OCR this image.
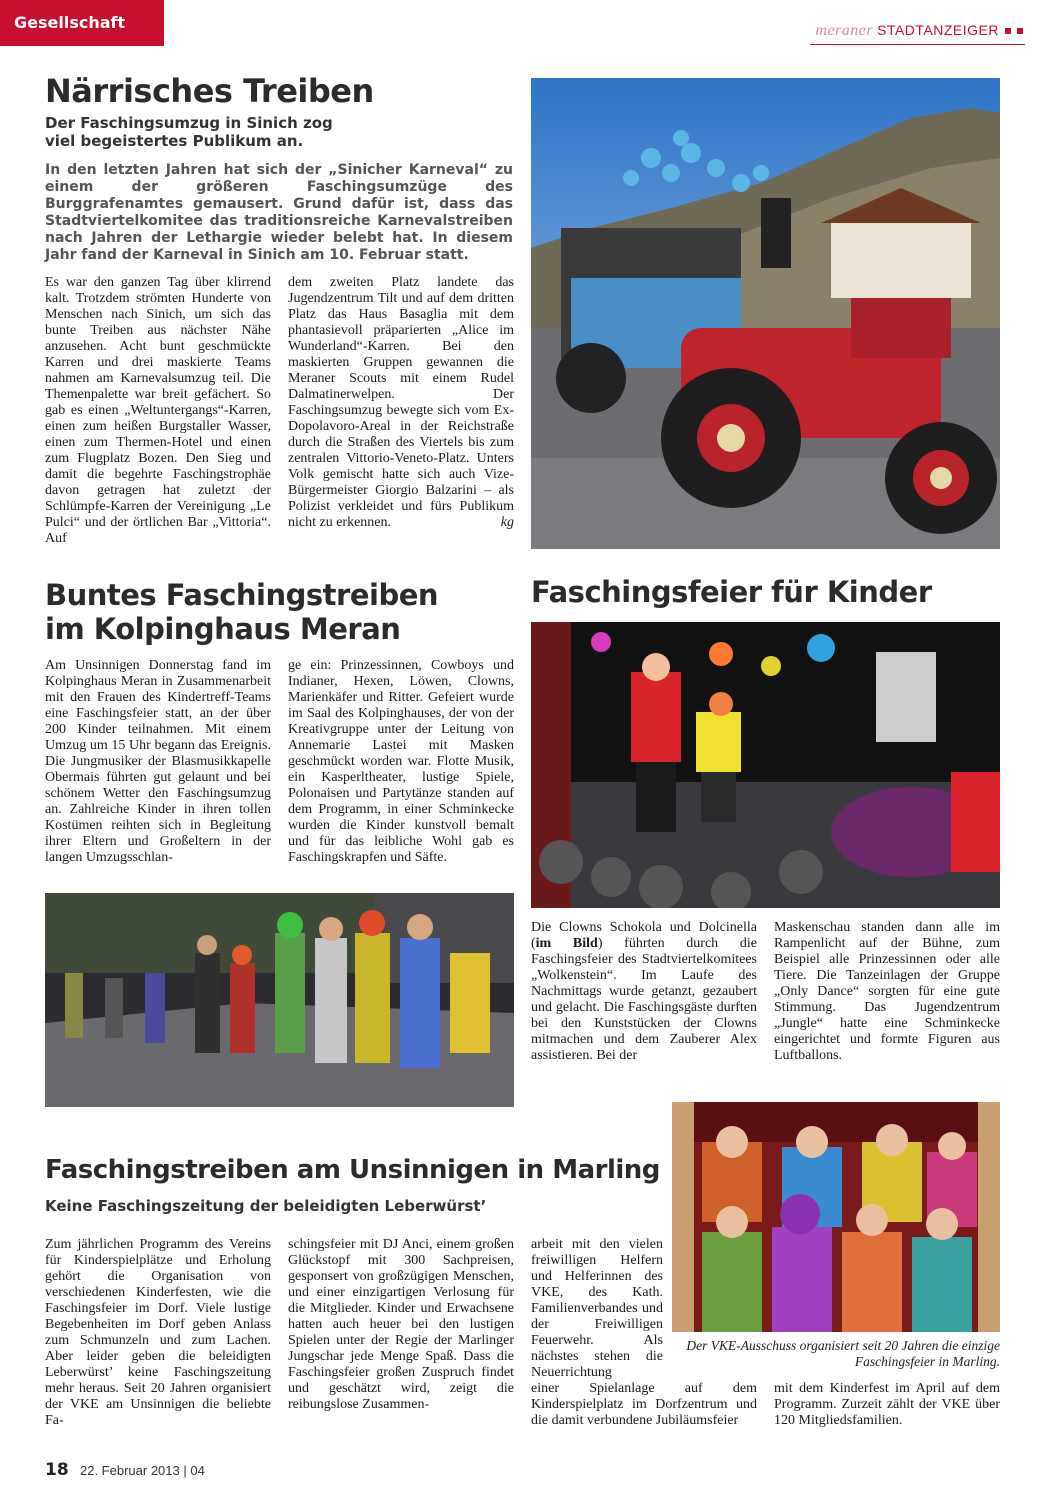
Gesellschaft	meraner STADTANZEIGER
Närrisches Treiben
Der Faschingsumzug in Sinich zog viel begeistertes Publikum an.
In den letzten Jahren hat sich der „Sinicher Karneval“ zu einem der größeren Faschingsumzüge des Burggrafenamtes gemausert. Grund dafür ist, dass das Stadtviertelkomitee das traditionsreiche Karnevalstreiben nach Jahren der Lethargie wieder belebt hat. In diesem Jahr fand der Karneval in Sinich am 10. Februar statt.
Es war den ganzen Tag über klirrend kalt. Trotzdem strömten Hunderte von Menschen nach Sinich, um sich das bunte Treiben aus nächster Nähe anzusehen. Acht bunt geschmückte Karren und drei maskierte Teams nahmen am Karnevalsumzug teil. Die Themenpalette war breit gefächert. So gab es einen „Weltuntergangs“-Karren, einen zum heißen Burgstaller Wasser, einen zum Thermen-Hotel und einen zum Flugplatz Bozen. Den Sieg und damit die begehrte Faschingstrophäe davon getragen hat zuletzt der Schlümpfe-Karren der Vereinigung „Le Pulci“ und der örtlichen Bar „Vittoria“. Auf
dem zweiten Platz landete das Jugendzentrum Tilt und auf dem dritten Platz das Haus Basaglia mit dem phantasievoll präparierten „Alice im Wunderland“-Karren. Bei den maskierten Gruppen gewannen die Meraner Scouts mit einem Rudel Dalmatinerwelpen. Der Faschingsumzug bewegte sich vom Ex-Dopolavoro-Areal in der Reichstraße durch die Straßen des Viertels bis zum zentralen Vittorio-Veneto-Platz. Unters Volk gemischt hatte sich auch Vize-Bürgermeister Giorgio Balzarini – als Polizist verkleidet und fürs Publikum nicht zu erkennen.	kg
Buntes Faschingstreiben
im Kolpinghaus Meran
Am Unsinnigen Donnerstag fand im Kolpinghaus Meran in Zusammenarbeit mit den Frauen des Kindertreff-Teams eine Faschingsfeier statt, an der über 200 Kinder teilnahmen. Mit einem Umzug um 15 Uhr begann das Ereignis. Die Jungmusiker der Blasmusikkapelle Obermais führten gut gelaunt und bei schönem Wetter den Faschingsumzug an. Zahlreiche Kinder in ihren tollen Kostümen reihten sich in Begleitung ihrer Eltern und Großeltern in der langen Umzugsschlan-
ge ein: Prinzessinnen, Cowboys und Indianer, Hexen, Löwen, Clowns, Marienkäfer und Ritter. Gefeiert wurde im Saal des Kolpinghauses, der von der Kreativgruppe unter der Leitung von Annemarie Lastei mit Masken geschmückt worden war. Flotte Musik, ein Kasperltheater, lustige Spiele, Polonaisen und Partytänze standen auf dem Programm, in einer Schminkecke wurden die Kinder kunstvoll bemalt und für das leibliche Wohl gab es Faschingskrapfen und Säfte.
Faschingsfeier für Kinder
Die Clowns Schokola und Dolcinella (im Bild) führten durch die Faschingsfeier des Stadtviertelkomitees „Wolkenstein“. Im Laufe des Nachmittags wurde getanzt, gezaubert und gelacht. Die Faschingsgäste durften bei den Kunststücken der Clowns mitmachen und dem Zauberer Alex assistieren. Bei der
Maskenschau standen dann alle im Rampenlicht auf der Bühne, zum Beispiel alle Prinzessinnen oder alle Tiere. Die Tanzeinlagen der Gruppe „Only Dance“ sorgten für eine gute Stimmung. Das Jugendzentrum „Jungle“ hatte eine Schminkecke eingerichtet und formte Figuren aus Luftballons.
Faschingstreiben am Unsinnigen in Marling
Keine Faschingszeitung der beleidigten Leberwürst’
Zum jährlichen Programm des Vereins für Kinderspielplätze und Erholung gehört die Organisation von verschiedenen Kinderfesten, wie die Faschingsfeier im Dorf. Viele lustige Begebenheiten im Dorf geben Anlass zum Schmunzeln und zum Lachen. Aber leider geben die beleidigten Leberwürst’ keine Faschingszeitung mehr heraus. Seit 20 Jahren organisiert der VKE am Unsinnigen die beliebte Fa-
schingsfeier mit DJ Anci, einem großen Glückstopf mit 300 Sachpreisen, gesponsert von großzügigen Menschen, und einer einzigartigen Verlosung für die Mitglieder. Kinder und Erwachsene hatten auch heuer bei den lustigen Spielen unter der Regie der Marlinger Jungschar jede Menge Spaß. Dass die Faschingsfeier großen Zuspruch findet und geschätzt wird, zeigt die reibungslose Zusammen-
arbeit mit den vielen freiwilligen Helfern und Helferinnen des VKE, des Kath. Familienverbandes und der Freiwilligen Feuerwehr. Als nächstes stehen die Neuerrichtung
Der VKE-Ausschuss organisiert seit 20 Jahren die einzige Faschingsfeier in Marling.
einer Spielanlage auf dem Kinderspielplatz im Dorfzentrum und die damit verbundene Jubiläumsfeier
mit dem Kinderfest im April auf dem Programm. Zurzeit zählt der VKE über 120 Mitgliedsfamilien.
18 22. Februar 2013 | 04
